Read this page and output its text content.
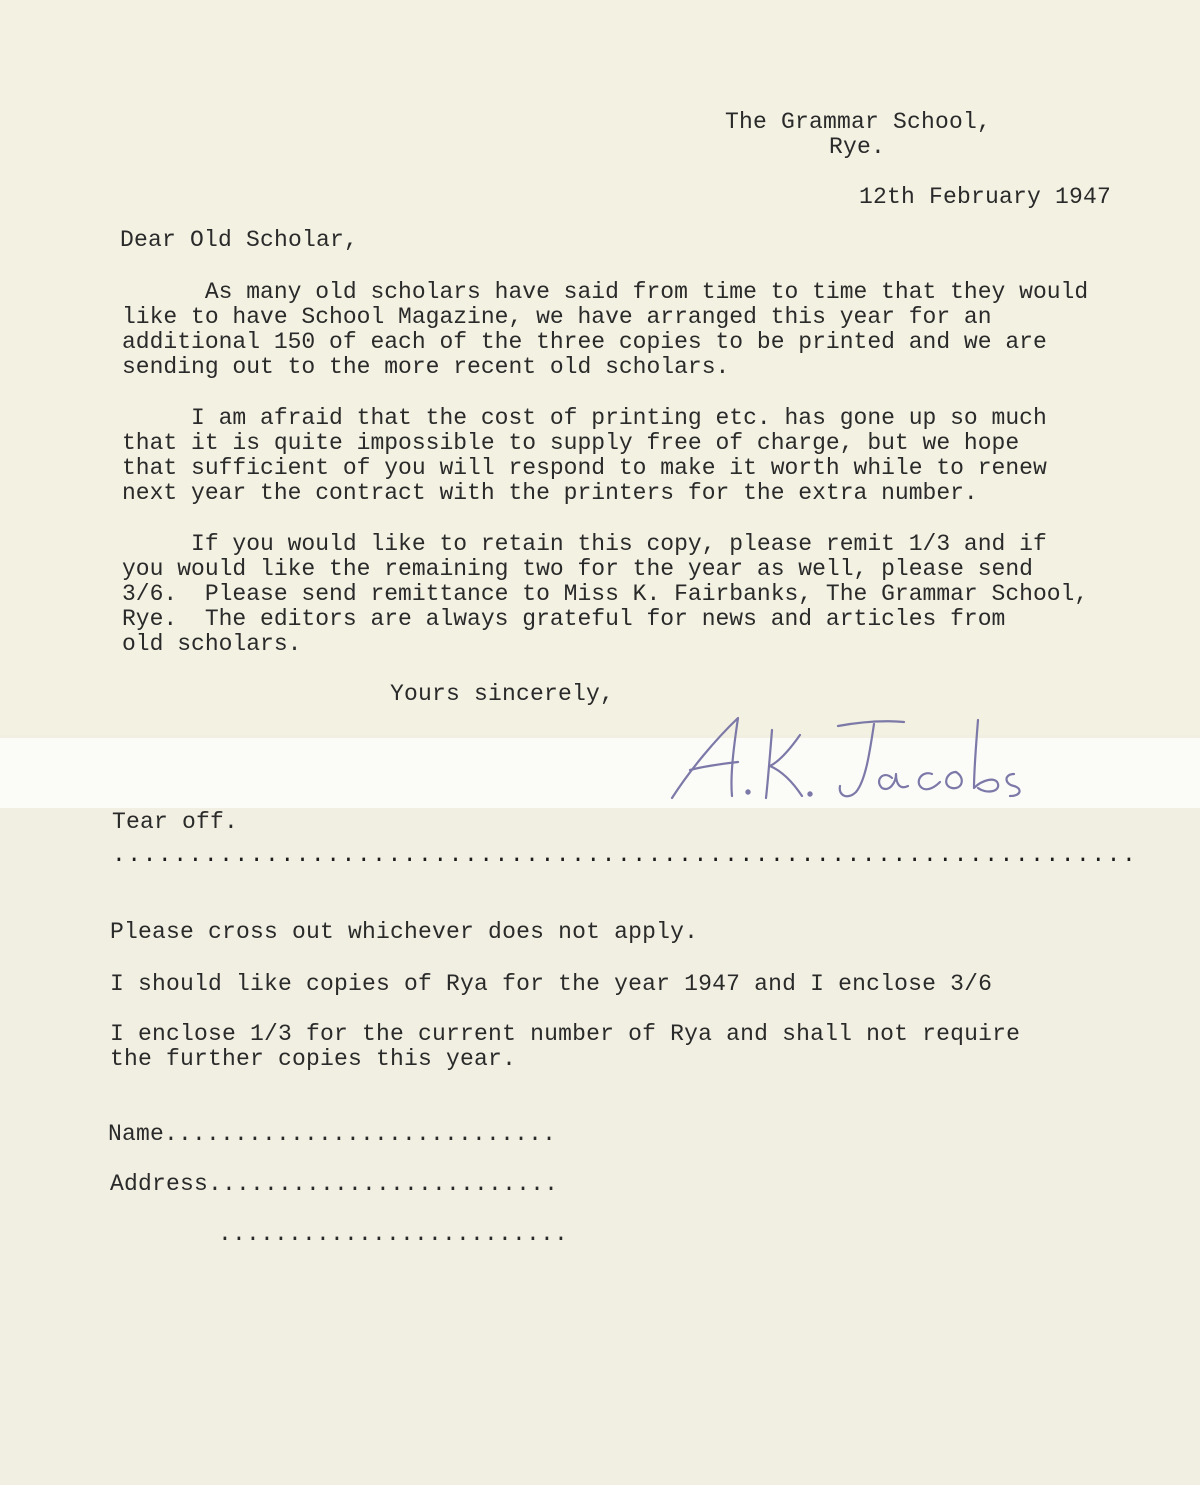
The Grammar School,
Rye.
12th February 1947
Dear Old Scholar,
As many old scholars have said from time to time that they would
like to have School Magazine, we have arranged this year for an
additional 150 of each of the three copies to be printed and we are
sending out to the more recent old scholars.
I am afraid that the cost of printing etc. has gone up so much
that it is quite impossible to supply free of charge, but we hope
that sufficient of you will respond to make it worth while to renew
next year the contract with the printers for the extra number.
If you would like to retain this copy, please remit 1/3 and if
you would like the remaining two for the year as well, please send
3/6.  Please send remittance to Miss K. Fairbanks, The Grammar School,
Rye.  The editors are always grateful for news and articles from
old scholars.
Yours sincerely,
Tear off.
...................................................................
Please cross out whichever does not apply.
I should like copies of Rya for the year 1947 and I enclose 3/6
I enclose 1/3 for the current number of Rya and shall not require
the further copies this year.
Name............................
Address.........................
.........................
